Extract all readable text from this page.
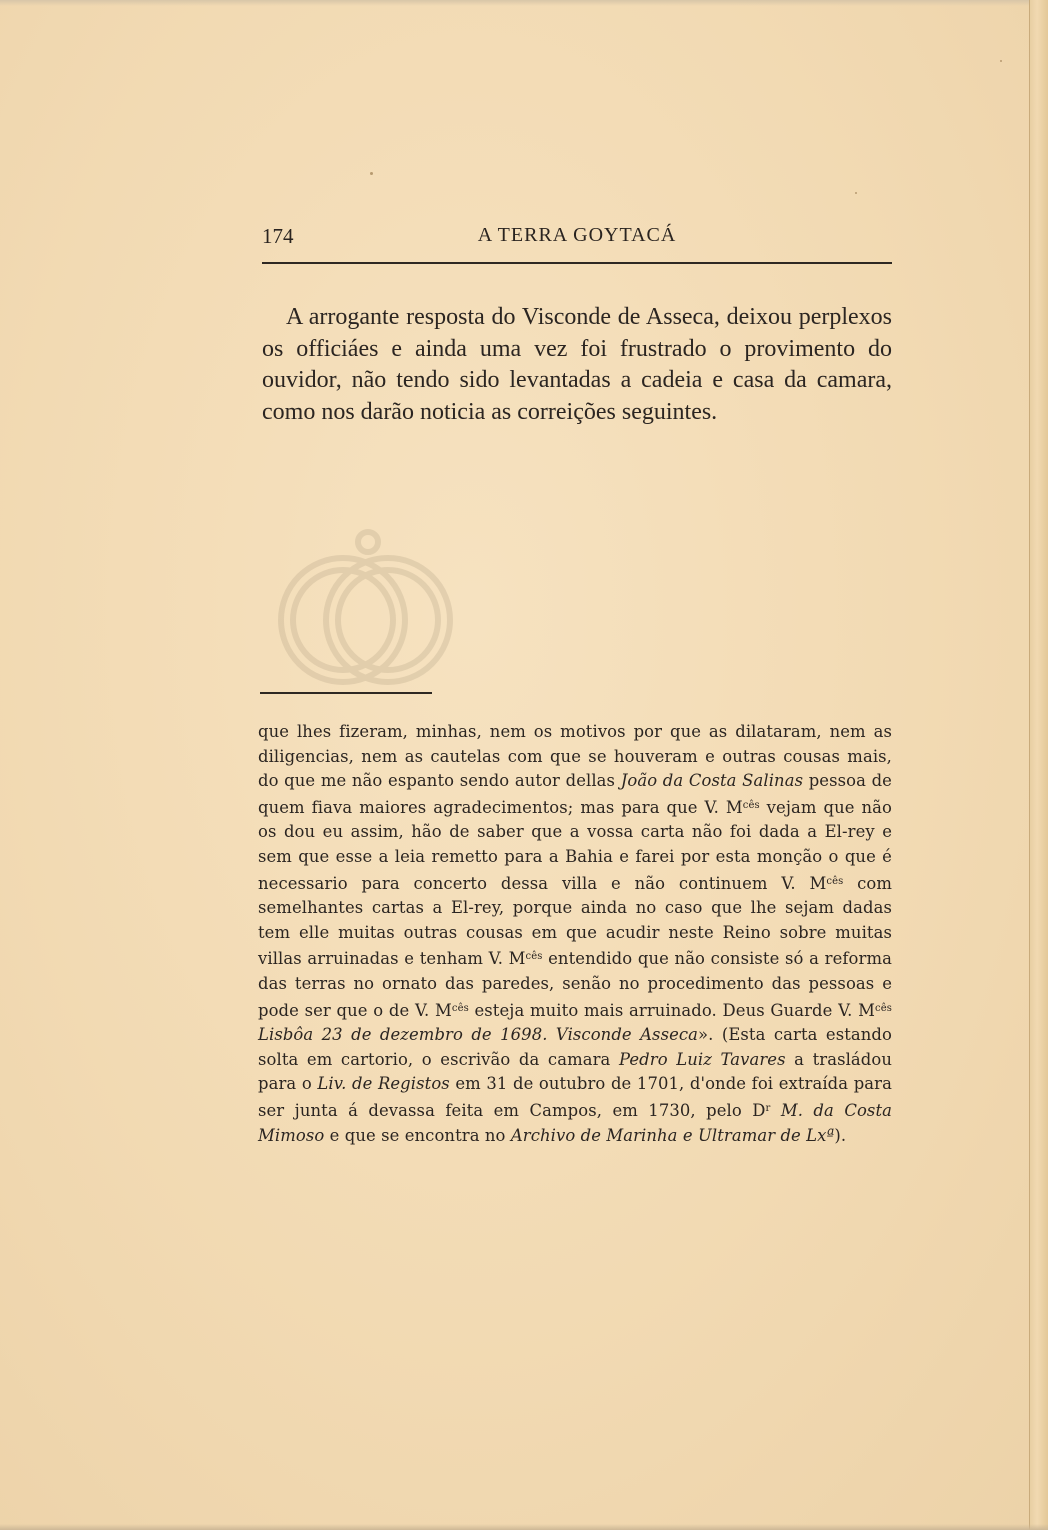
174	A TERRA GOYTACÁ

A arrogante resposta do Visconde de Asseca, deixou perplexos os officiáes e ainda uma vez foi frustrado o provimento do ouvidor, não tendo sido levantadas a cadeia e casa da camara, como nos darão noticia as correições seguintes.

que lhes fizeram, minhas, nem os motivos por que as dilataram, nem as diligencias, nem as cautelas com que se houveram e outras cousas mais, do que me não espanto sendo autor dellas João da Costa Salinas pessoa de quem fiava maiores agradecimentos; mas para que V. $M^{cês}$ vejam que não os dou eu assim, hão de saber que a vossa carta não foi dada a El-rey e sem que esse a leia remetto para a Bahia e farei por esta monção o que é necessario para concerto dessa villa e não continuem V. $M^{cês}$ com semelhantes cartas a El-rey, porque ainda no caso que lhe sejam dadas tem elle muitas outras cousas em que acudir neste Reino sobre muitas villas arruinadas e tenham V. $M^{cês}$ entendido que não consiste só a reforma das terras no ornato das paredes, senão no procedimento das pessoas e pode ser que o de V. $M^{cês}$ esteja muito mais arruinado. Deus Guarde V. $M^{cês}$ Lisbôa 23 de dezembro de 1698. Visconde Asseca». (Esta carta estando solta em cartorio, o escrivão da camara Pedro Luiz Tavares a trasládou para o Liv. de Registos em 31 de outubro de 1701, d'onde foi extraída para ser junta á devassa feita em Campos, em 1730, pelo $D^r$ M. da Costa Mimoso e que se encontra no Archivo de Marinha e Ultramar de Lxª).
